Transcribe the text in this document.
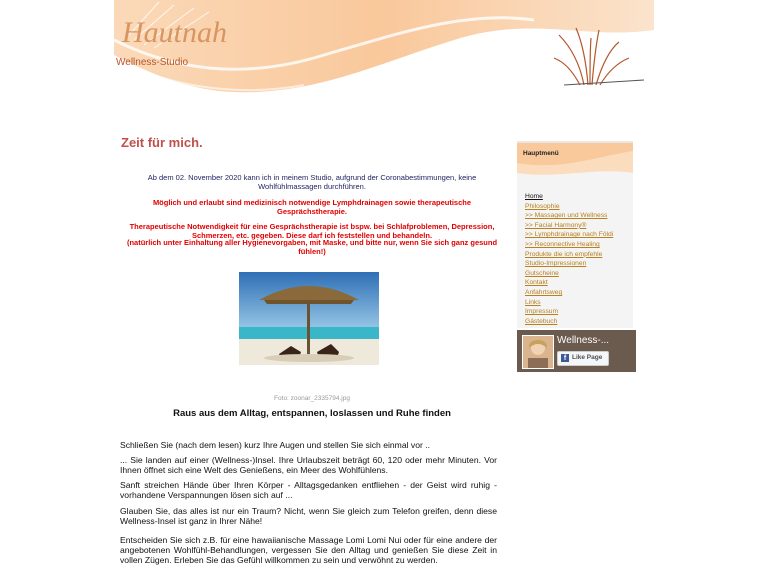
Hautnah
Wellness-Studio
Zeit für mich.
Ab dem 02. November 2020 kann ich in meinem Studio, aufgrund der Coronabestimmungen, keine Wohlfühlmassagen durchführen.
Möglich und erlaubt sind medizinisch notwendige Lymphdrainagen sowie therapeutische Gesprächstherapie.
Therapeutische Notwendigkeit für eine Gesprächstherapie ist bspw. bei Schlafproblemen, Depression, Schmerzen, etc. gegeben. Diese darf ich feststellen und behandeln.
(natürlich unter Einhaltung aller Hygienevorgaben, mit Maske, und bitte nur, wenn Sie sich ganz gesund fühlen!)
Foto: zoonar_2335794.jpg
Raus aus dem Alltag, entspannen, loslassen und Ruhe finden
Schließen Sie (nach dem lesen) kurz Ihre Augen und stellen Sie sich einmal vor ..
... Sie landen auf einer (Wellness-)Insel. Ihre Urlaubszeit beträgt 60, 120 oder mehr Minuten. Vor Ihnen öffnet sich eine Welt des Genießens, ein Meer des Wohlfühlens.
Sanft streichen Hände über Ihren Körper - Alltagsgedanken entfliehen - der Geist wird ruhig - vorhandene Verspannungen lösen sich auf ...
Glauben Sie, das alles ist nur ein Traum? Nicht, wenn Sie gleich zum Telefon greifen, denn diese Wellness-Insel ist ganz in Ihrer Nähe!
Entscheiden Sie sich z.B. für eine hawaiianische Massage Lomi Lomi Nui oder für eine andere der angebotenen Wohlfühl-Behandlungen, vergessen Sie den Alltag und genießen Sie diese Zeit in vollen Zügen. Erleben Sie das Gefühl willkommen zu sein und verwöhnt zu werden.
Hauptmenü
Home
Philosophie
>> Massagen und Wellness
>> Facial Harmony®
>> Lymphdrainage nach Földi
>> Reconnective Healing
Produkte die ich empfehle
Studio-Impressionen
Gutscheine
Kontakt
Anfahrtsweg
Links
Impressum
Gästebuch
Wellness-...
f Like Page
